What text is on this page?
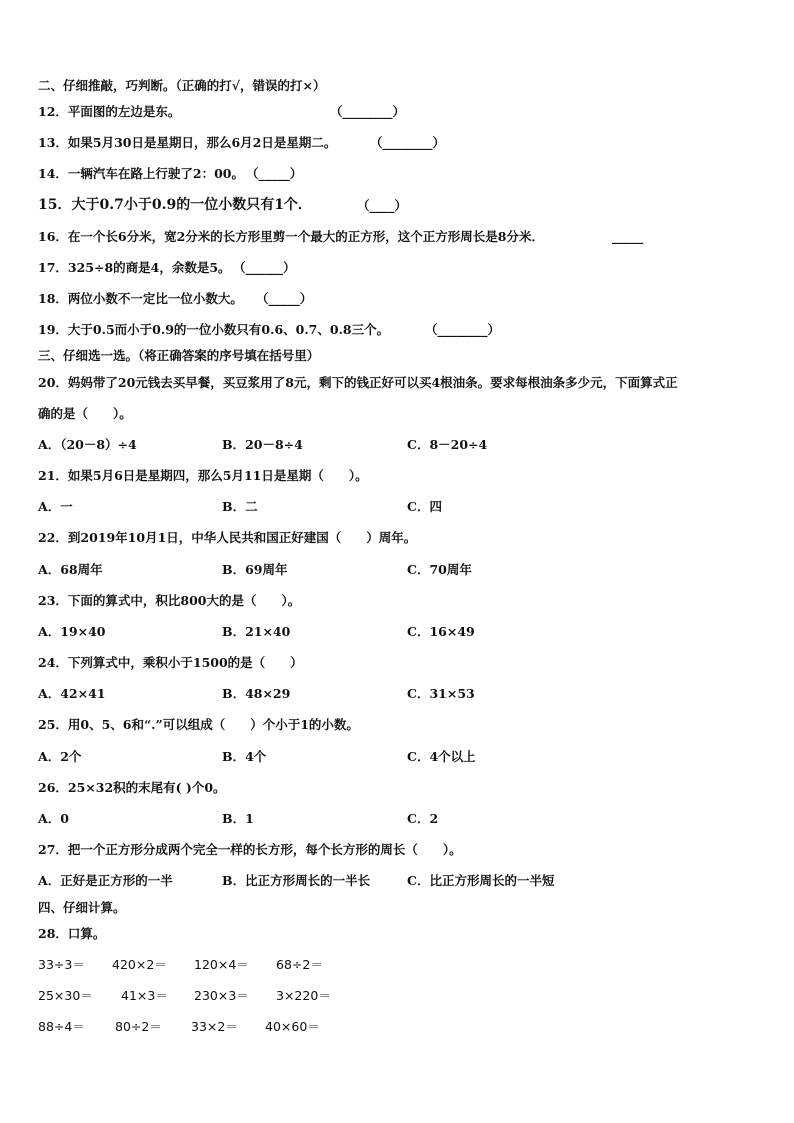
二、仔细推敲，巧判断。（正确的打√，错误的打×）
12．平面图的左边是东。	（________）
13．如果5月30日是星期日，那么6月2日是星期二。	（________）
14．一辆汽车在路上行驶了2：00。 （_____）
15．大于0.7小于0.9的一位小数只有1个．	（____）
16．在一个长6分米，宽2分米的长方形里剪一个最大的正方形，这个正方形周长是8分米．	_____
17．325÷8的商是4，余数是5。 （______）
18．两位小数不一定比一位小数大。 （_____）
19．大于0.5而小于0.9的一位小数只有0.6、0.7、0.8三个。	（________）
三、仔细选一选。（将正确答案的序号填在括号里）
20．妈妈带了20元钱去买早餐，买豆浆用了8元，剩下的钱正好可以买4根油条。要求每根油条多少元，下面算式正
确的是（　　）。
A．（20－8）÷4	B．20－8÷4	C．8－20÷4
21．如果5月6日是星期四，那么5月11日是星期（　　）。
A．一	B．二	C．四
22．到2019年10月1日，中华人民共和国正好建国（　　）周年。
A．68周年	B．69周年	C．70周年
23．下面的算式中，积比800大的是（　　）。
A．19×40	B．21×40	C．16×49
24．下列算式中，乘积小于1500的是（　　）
A．42×41	B．48×29	C．31×53
25．用0、5、6和“.”可以组成（　　）个小于1的小数。
A．2个	B．4个	C．4个以上
26．25×32积的末尾有( )个0。
A．0	B．1	C．2
27．把一个正方形分成两个完全一样的长方形，每个长方形的周长（　　）。
A．正好是正方形的一半	B．比正方形周长的一半长	C．比正方形周长的一半短
四、仔细计算。
28．口算。
33÷3＝ 420×2＝ 120×4＝ 68÷2＝
25×30＝ 41×3＝ 230×3＝ 3×220＝
88÷4＝ 80÷2＝ 33×2＝ 40×60＝
